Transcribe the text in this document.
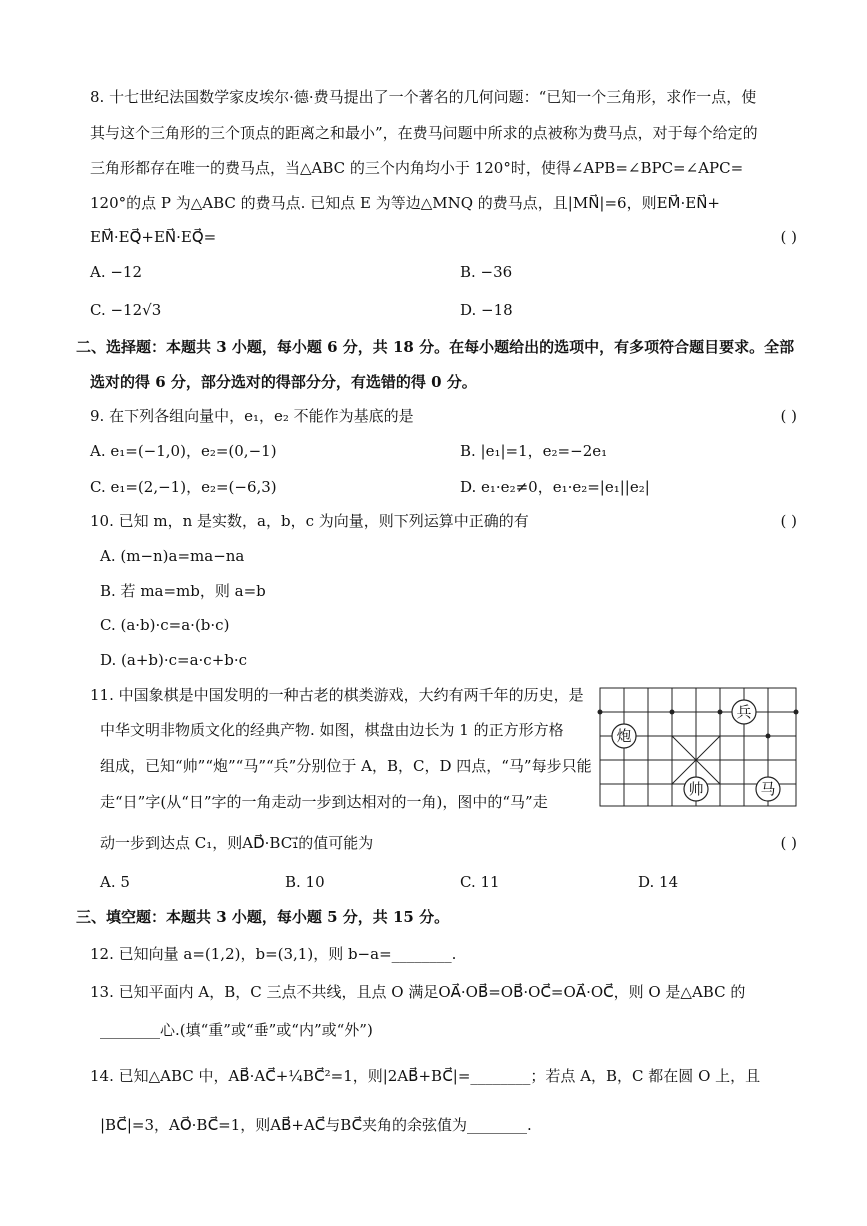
8. 十七世纪法国数学家皮埃尔·德·费马提出了一个著名的几何问题：“已知一个三角形，求作一点，使
其与这个三角形的三个顶点的距离之和最小”，在费马问题中所求的点被称为费马点，对于每个给定的
三角形都存在唯一的费马点，当△ABC 的三个内角均小于 120°时，使得∠APB=∠BPC=∠APC=
120°的点 P 为△ABC 的费马点. 已知点 E 为等边△MNQ 的费马点，且|MN⃗|=6，则EM⃗·EN⃗+
EM⃗·EQ⃗+EN⃗·EQ⃗=	( )
A. −12	B. −36
C. −12√3	D. −18
二、选择题：本题共 3 小题，每小题 6 分，共 18 分。在每小题给出的选项中，有多项符合题目要求。全部
选对的得 6 分，部分选对的得部分分，有选错的得 0 分。
9. 在下列各组向量中，e₁，e₂ 不能作为基底的是	( )
A. e₁=(−1,0)，e₂=(0,−1)	B. |e₁|=1，e₂=−2e₁
C. e₁=(2,−1)，e₂=(−6,3)	D. e₁·e₂≠0，e₁·e₂=|e₁||e₂|
10. 已知 m，n 是实数，a，b，c 为向量，则下列运算中正确的有	( )
A. (m−n)a=ma−na
B. 若 ma=mb，则 a=b
C. (a·b)·c=a·(b·c)
D. (a+b)·c=a·c+b·c
11. 中国象棋是中国发明的一种古老的棋类游戏，大约有两千年的历史，是
中华文明非物质文化的经典产物. 如图，棋盘由边长为 1 的正方形方格
组成，已知“帅”“炮”“马”“兵”分别位于 A，B，C，D 四点，“马”每步只能
走“日”字(从“日”字的一角走动一步到达相对的一角)，图中的“马”走
动一步到达点 C₁，则AD⃗·BC₁⃗的值可能为	( )
A. 5	B. 10	C. 11	D. 14
炮
兵
帅	马
三、填空题：本题共 3 小题，每小题 5 分，共 15 分。
12. 已知向量 a=(1,2)，b=(3,1)，则 b−a=________.
13. 已知平面内 A，B，C 三点不共线，且点 O 满足OA⃗·OB⃗=OB⃗·OC⃗=OA⃗·OC⃗，则 O 是△ABC 的
________心.(填“重”或“垂”或“内”或“外”)
14. 已知△ABC 中，AB⃗·AC⃗+¼BC⃗²=1，则|2AB⃗+BC⃗|=________；若点 A，B，C 都在圆 O 上，且
|BC⃗|=3，AO⃗·BC⃗=1，则AB⃗+AC⃗与BC⃗夹角的余弦值为________.
